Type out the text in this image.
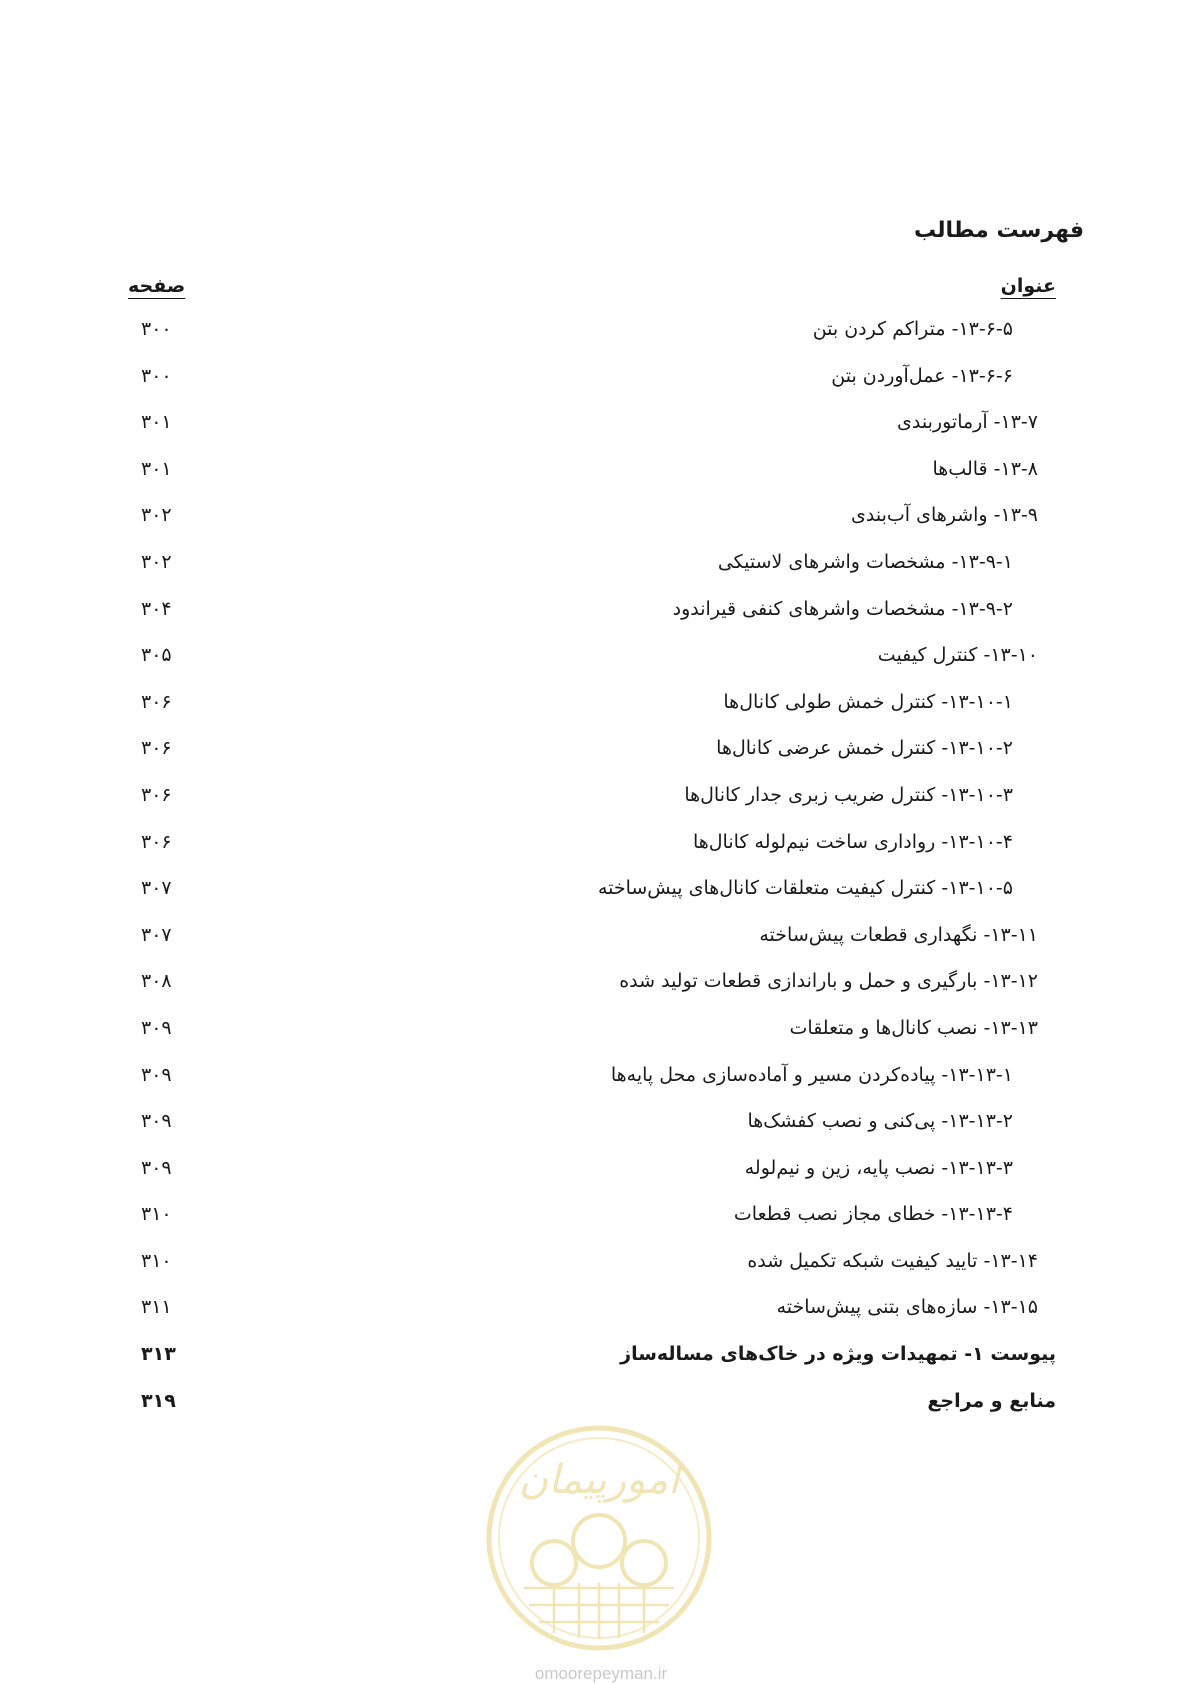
فهرست مطالب
عنوان
صفحه
۱۳-۶-۵- متراکم کردن بتن
۳۰۰
۱۳-۶-۶- عمل‌آوردن بتن
۳۰۰
۱۳-۷- آرماتوربندی
۳۰۱
۱۳-۸- قالب‌ها
۳۰۱
۱۳-۹- واشرهای آب‌بندی
۳۰۲
۱۳-۹-۱- مشخصات واشرهای لاستیکی
۳۰۲
۱۳-۹-۲- مشخصات واشرهای کنفی قیراندود
۳۰۴
۱۳-۱۰- کنترل کیفیت
۳۰۵
۱۳-۱۰-۱- کنترل خمش طولی کانال‌ها
۳۰۶
۱۳-۱۰-۲- کنترل خمش عرضی کانال‌ها
۳۰۶
۱۳-۱۰-۳- کنترل ضریب زبری جدار کانال‌ها
۳۰۶
۱۳-۱۰-۴- رواداری ساخت نیم‌لوله کانال‌ها
۳۰۶
۱۳-۱۰-۵- کنترل کیفیت متعلقات کانال‌های پیش‌ساخته
۳۰۷
۱۳-۱۱- نگهداری قطعات پیش‌ساخته
۳۰۷
۱۳-۱۲- بارگیری و حمل و باراندازی قطعات تولید شده
۳۰۸
۱۳-۱۳- نصب کانال‌ها و متعلقات
۳۰۹
۱۳-۱۳-۱- پیاده‌کردن مسیر و آماده‌سازی محل پایه‌ها
۳۰۹
۱۳-۱۳-۲- پی‌کنی و نصب کفشک‌ها
۳۰۹
۱۳-۱۳-۳- نصب پایه، زین و نیم‌لوله
۳۰۹
۱۳-۱۳-۴- خطای مجاز نصب قطعات
۳۱۰
۱۳-۱۴- تایید کیفیت شبکه تکمیل شده
۳۱۰
۱۳-۱۵- سازه‌های بتنی پیش‌ساخته
۳۱۱
پیوست ۱- تمهیدات ویژه در خاک‌های مساله‌ساز
۳۱۳
منابع و مراجع
۳۱۹
امورپیمان
omoorepeyman.ir
